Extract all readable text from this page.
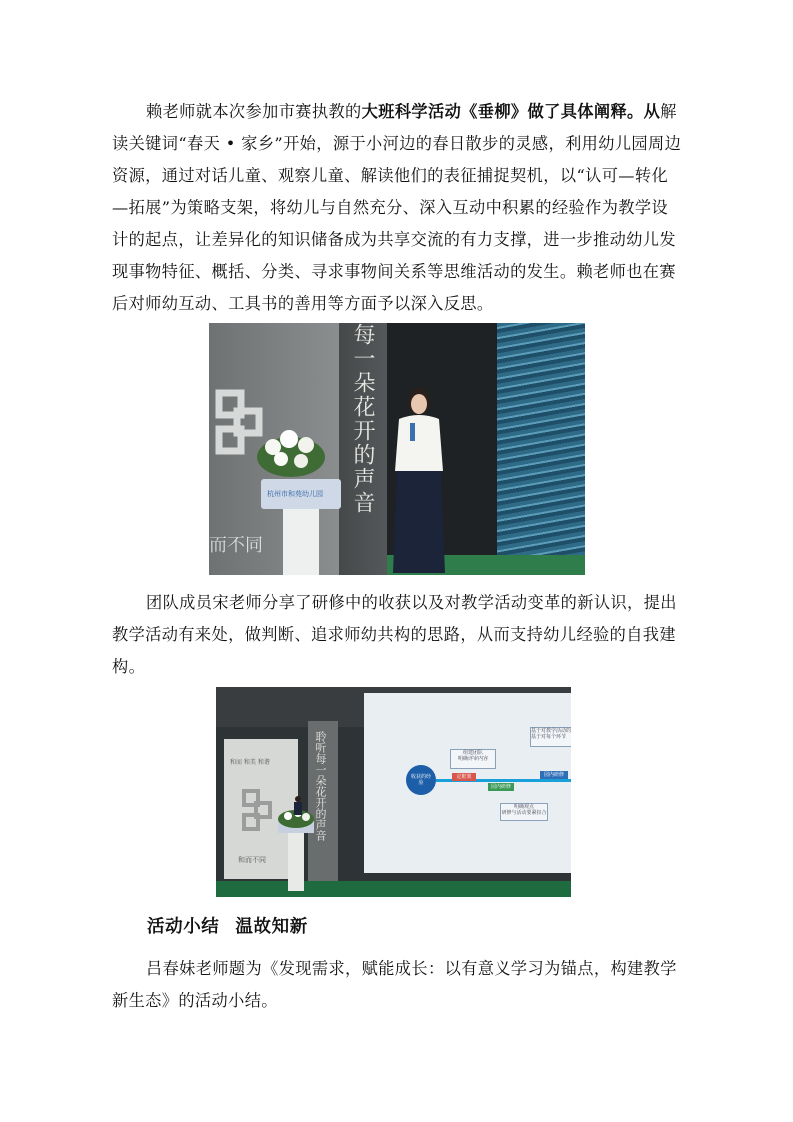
赖老师就本次参加市赛执教的大班科学活动《垂柳》做了具体阐释。从解读关键词“春天 • 家乡”开始，源于小河边的春日散步的灵感，利用幼儿园周边资源，通过对话儿童、观察儿童、解读他们的表征捕捉契机，以“认可—转化—拓展”为策略支架，将幼儿与自然充分、深入互动中积累的经验作为教学设计的起点，让差异化的知识储备成为共享交流的有力支撑，进一步推动幼儿发现事物特征、概括、分类、寻求事物间关系等思维活动的发生。赖老师也在赛后对师幼互动、工具书的善用等方面予以深入反思。

而不同
每一朵花开的声音
杭州市和苑幼儿园

团队成员宋老师分享了研修中的收获以及对教学活动变革的新认识，提出教学活动有来处，做判断、追求师幼共构的思路，从而支持幼儿经验的自我建构。

和而 和美 和谐
和而不同
聆听每一朵花开的声音	收获的经验
组建团队
明确评审内容
定框架
园内研修
明确观点
研修与活动要紧扣合
基于对教学活动的
基于对每个环节
园内研修
活动小结 温故知新

吕春妹老师题为《发现需求，赋能成长：以有意义学习为锚点，构建教学新生态》的活动小结。
